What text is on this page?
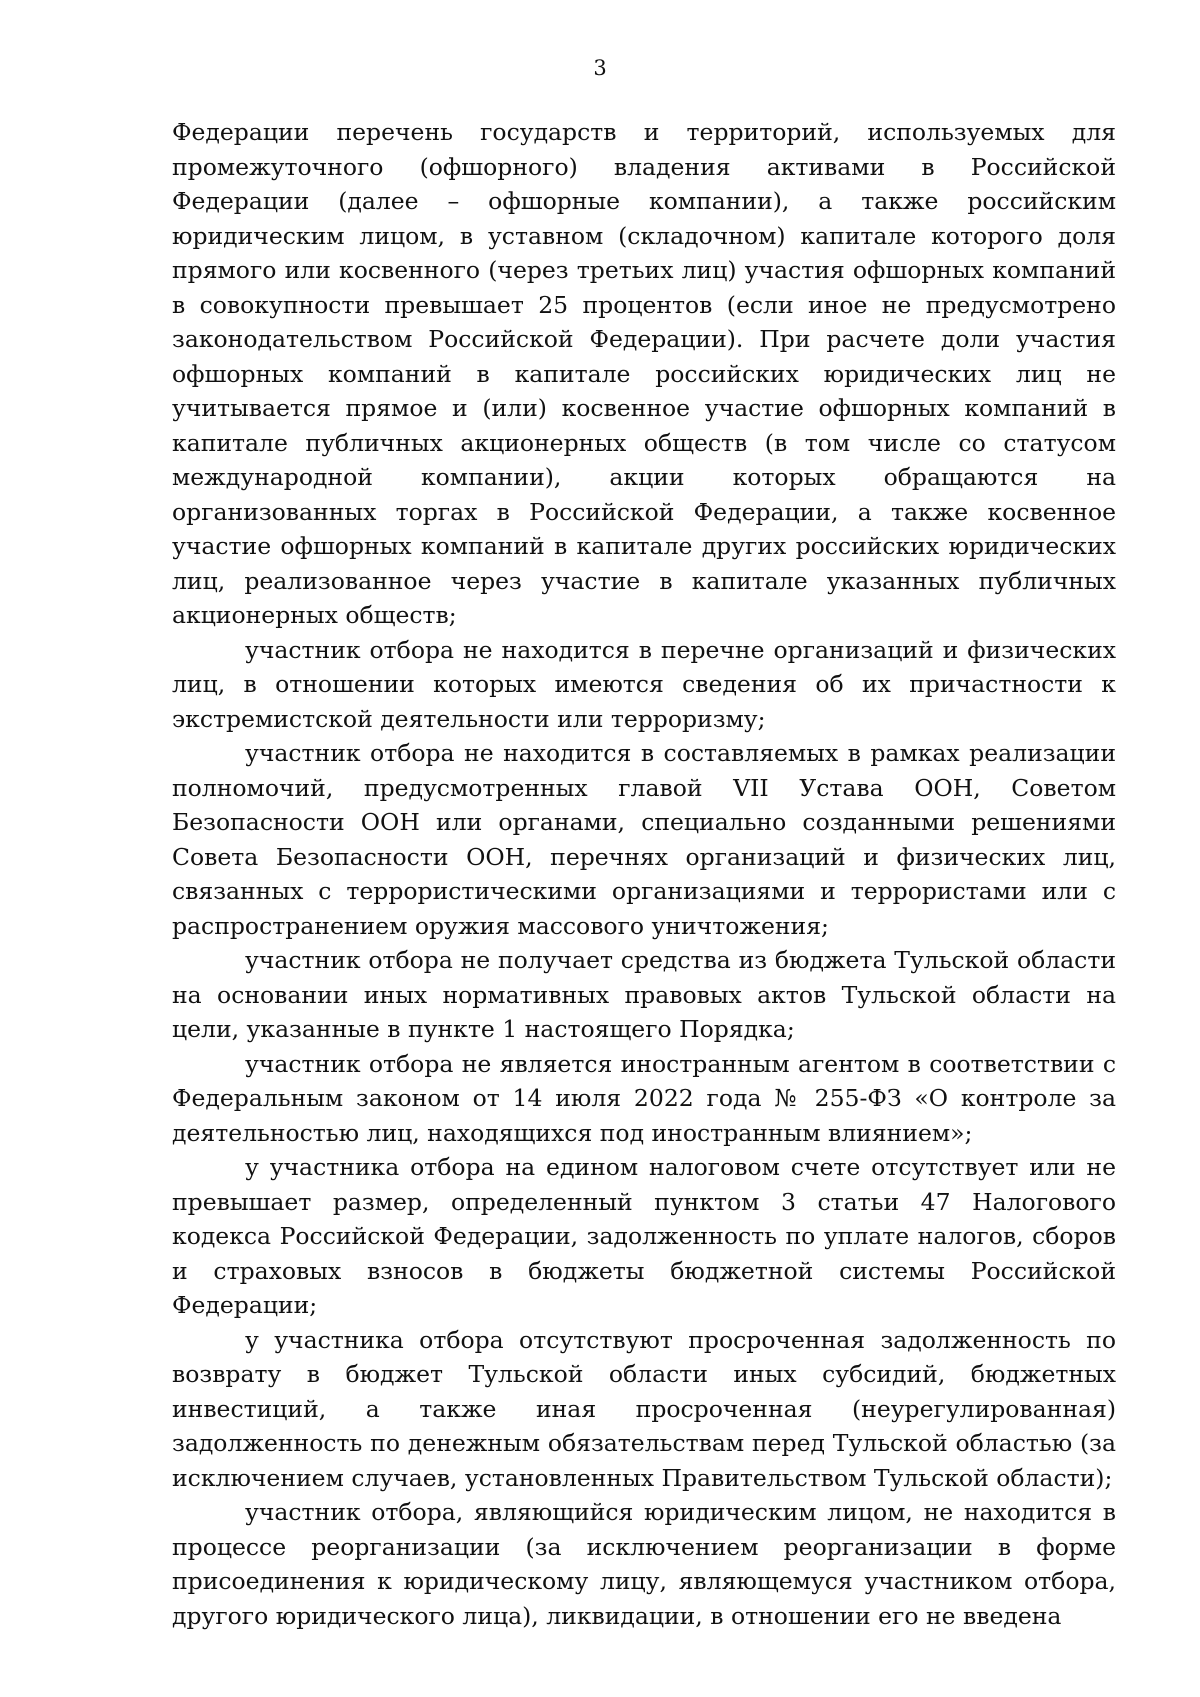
3

Федерации перечень государств и территорий, используемых для промежуточного (офшорного) владения активами в Российской Федерации (далее – офшорные компании), а также российским юридическим лицом, в уставном (складочном) капитале которого доля прямого или косвенного (через третьих лиц) участия офшорных компаний в совокупности превышает 25 процентов (если иное не предусмотрено законодательством Российской Федерации). При расчете доли участия офшорных компаний в капитале российских юридических лиц не учитывается прямое и (или) косвенное участие офшорных компаний в капитале публичных акционерных обществ (в том числе со статусом международной компании), акции которых обращаются на организованных торгах в Российской Федерации, а также косвенное участие офшорных компаний в капитале других российских юридических лиц, реализованное через участие в капитале указанных публичных акционерных обществ;

участник отбора не находится в перечне организаций и физических лиц, в отношении которых имеются сведения об их причастности к экстремистской деятельности или терроризму;

участник отбора не находится в составляемых в рамках реализации полномочий, предусмотренных главой VII Устава ООН, Советом Безопасности ООН или органами, специально созданными решениями Совета Безопасности ООН, перечнях организаций и физических лиц, связанных с террористическими организациями и террористами или с распространением оружия массового уничтожения;

участник отбора не получает средства из бюджета Тульской области на основании иных нормативных правовых актов Тульской области на цели, указанные в пункте 1 настоящего Порядка;

участник отбора не является иностранным агентом в соответствии с Федеральным законом от 14 июля 2022 года № 255-ФЗ «О контроле за деятельностью лиц, находящихся под иностранным влиянием»;

у участника отбора на едином налоговом счете отсутствует или не превышает размер, определенный пунктом 3 статьи 47 Налогового кодекса Российской Федерации, задолженность по уплате налогов, сборов и страховых взносов в бюджеты бюджетной системы Российской Федерации;

у участника отбора отсутствуют просроченная задолженность по возврату в бюджет Тульской области иных субсидий, бюджетных инвестиций, а также иная просроченная (неурегулированная) задолженность по денежным обязательствам перед Тульской областью (за исключением случаев, установленных Правительством Тульской области);

участник отбора, являющийся юридическим лицом, не находится в процессе реорганизации (за исключением реорганизации в форме присоединения к юридическому лицу, являющемуся участником отбора, другого юридического лица), ликвидации, в отношении его не введена
